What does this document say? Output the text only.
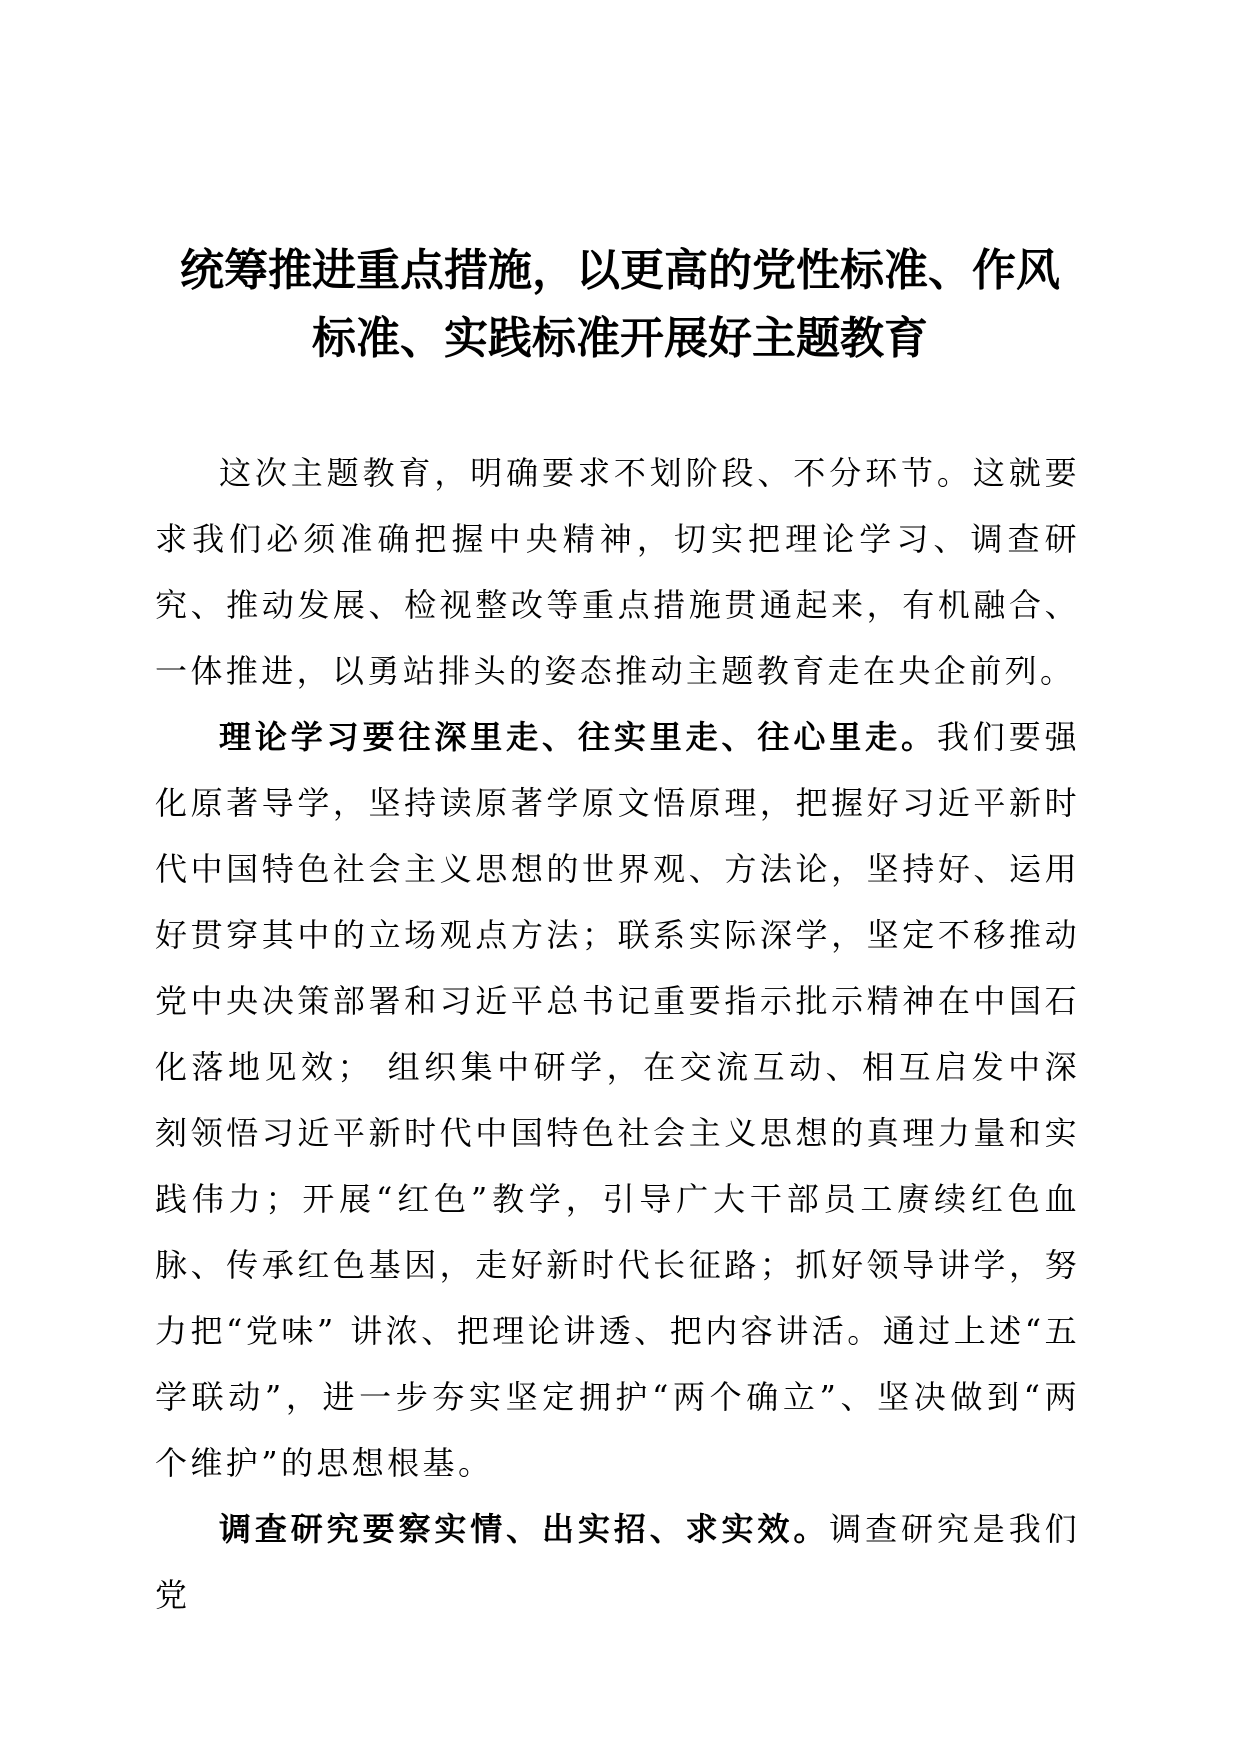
统筹推进重点措施，以更高的党性标准、作风
标准、实践标准开展好主题教育

这次主题教育，明确要求不划阶段、不分环节。这就要求我们必须准确把握中央精神，切实把理论学习、调查研究、推动发展、检视整改等重点措施贯通起来，有机融合、一体推进，以勇站排头的姿态推动主题教育走在央企前列。

理论学习要往深里走、往实里走、往心里走。我们要强化原著导学，坚持读原著学原文悟原理，把握好习近平新时代中国特色社会主义思想的世界观、方法论，坚持好、运用好贯穿其中的立场观点方法；联系实际深学，坚定不移推动党中央决策部署和习近平总书记重要指示批示精神在中国石化落地见效； 组织集中研学，在交流互动、相互启发中深刻领悟习近平新时代中国特色社会主义思想的真理力量和实践伟力；开展“红色”教学，引导广大干部员工赓续红色血脉、传承红色基因，走好新时代长征路；抓好领导讲学，努力把“党味” 讲浓、把理论讲透、把内容讲活。通过上述“五学联动”，进一步夯实坚定拥护“两个确立”、坚决做到“两个维护”的思想根基。

调查研究要察实情、出实招、求实效。调查研究是我们党
